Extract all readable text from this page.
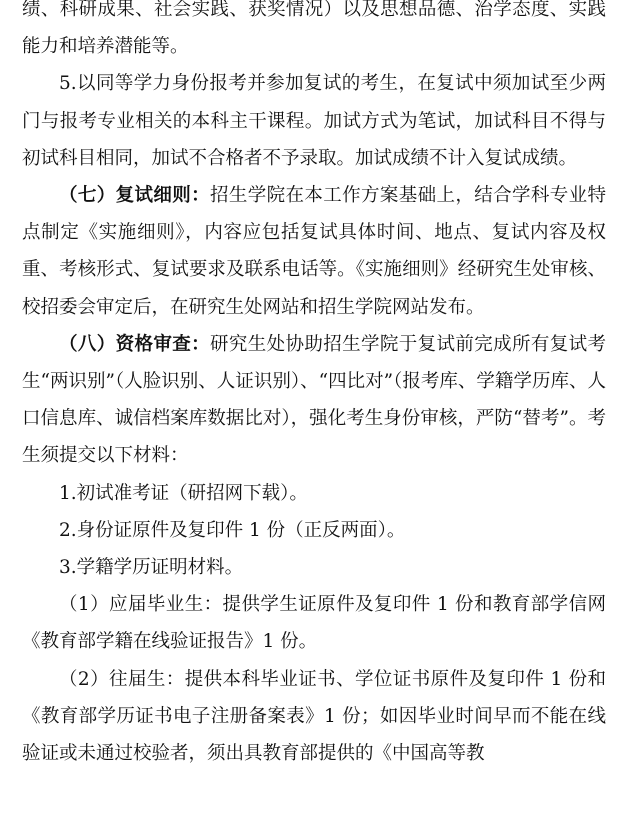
绩、科研成果、社会实践、获奖情况）以及思想品德、治学态度、实践能力和培养潜能等。

5.以同等学力身份报考并参加复试的考生，在复试中须加试至少两门与报考专业相关的本科主干课程。加试方式为笔试，加试科目不得与初试科目相同，加试不合格者不予录取。加试成绩不计入复试成绩。

（七）复试细则：招生学院在本工作方案基础上，结合学科专业特点制定《实施细则》，内容应包括复试具体时间、地点、复试内容及权重、考核形式、复试要求及联系电话等。《实施细则》经研究生处审核、校招委会审定后，在研究生处网站和招生学院网站发布。

（八）资格审查：研究生处协助招生学院于复试前完成所有复试考生“两识别”（人脸识别、人证识别）、“四比对”（报考库、学籍学历库、人口信息库、诚信档案库数据比对），强化考生身份审核，严防“替考”。考生须提交以下材料：

1.初试准考证（研招网下载）。

2.身份证原件及复印件 1 份（正反两面）。

3.学籍学历证明材料。

（1）应届毕业生：提供学生证原件及复印件 1 份和教育部学信网《教育部学籍在线验证报告》1 份。

（2）往届生：提供本科毕业证书、学位证书原件及复印件 1 份和《教育部学历证书电子注册备案表》1 份；如因毕业时间早而不能在线验证或未通过校验者，须出具教育部提供的《中国高等教
